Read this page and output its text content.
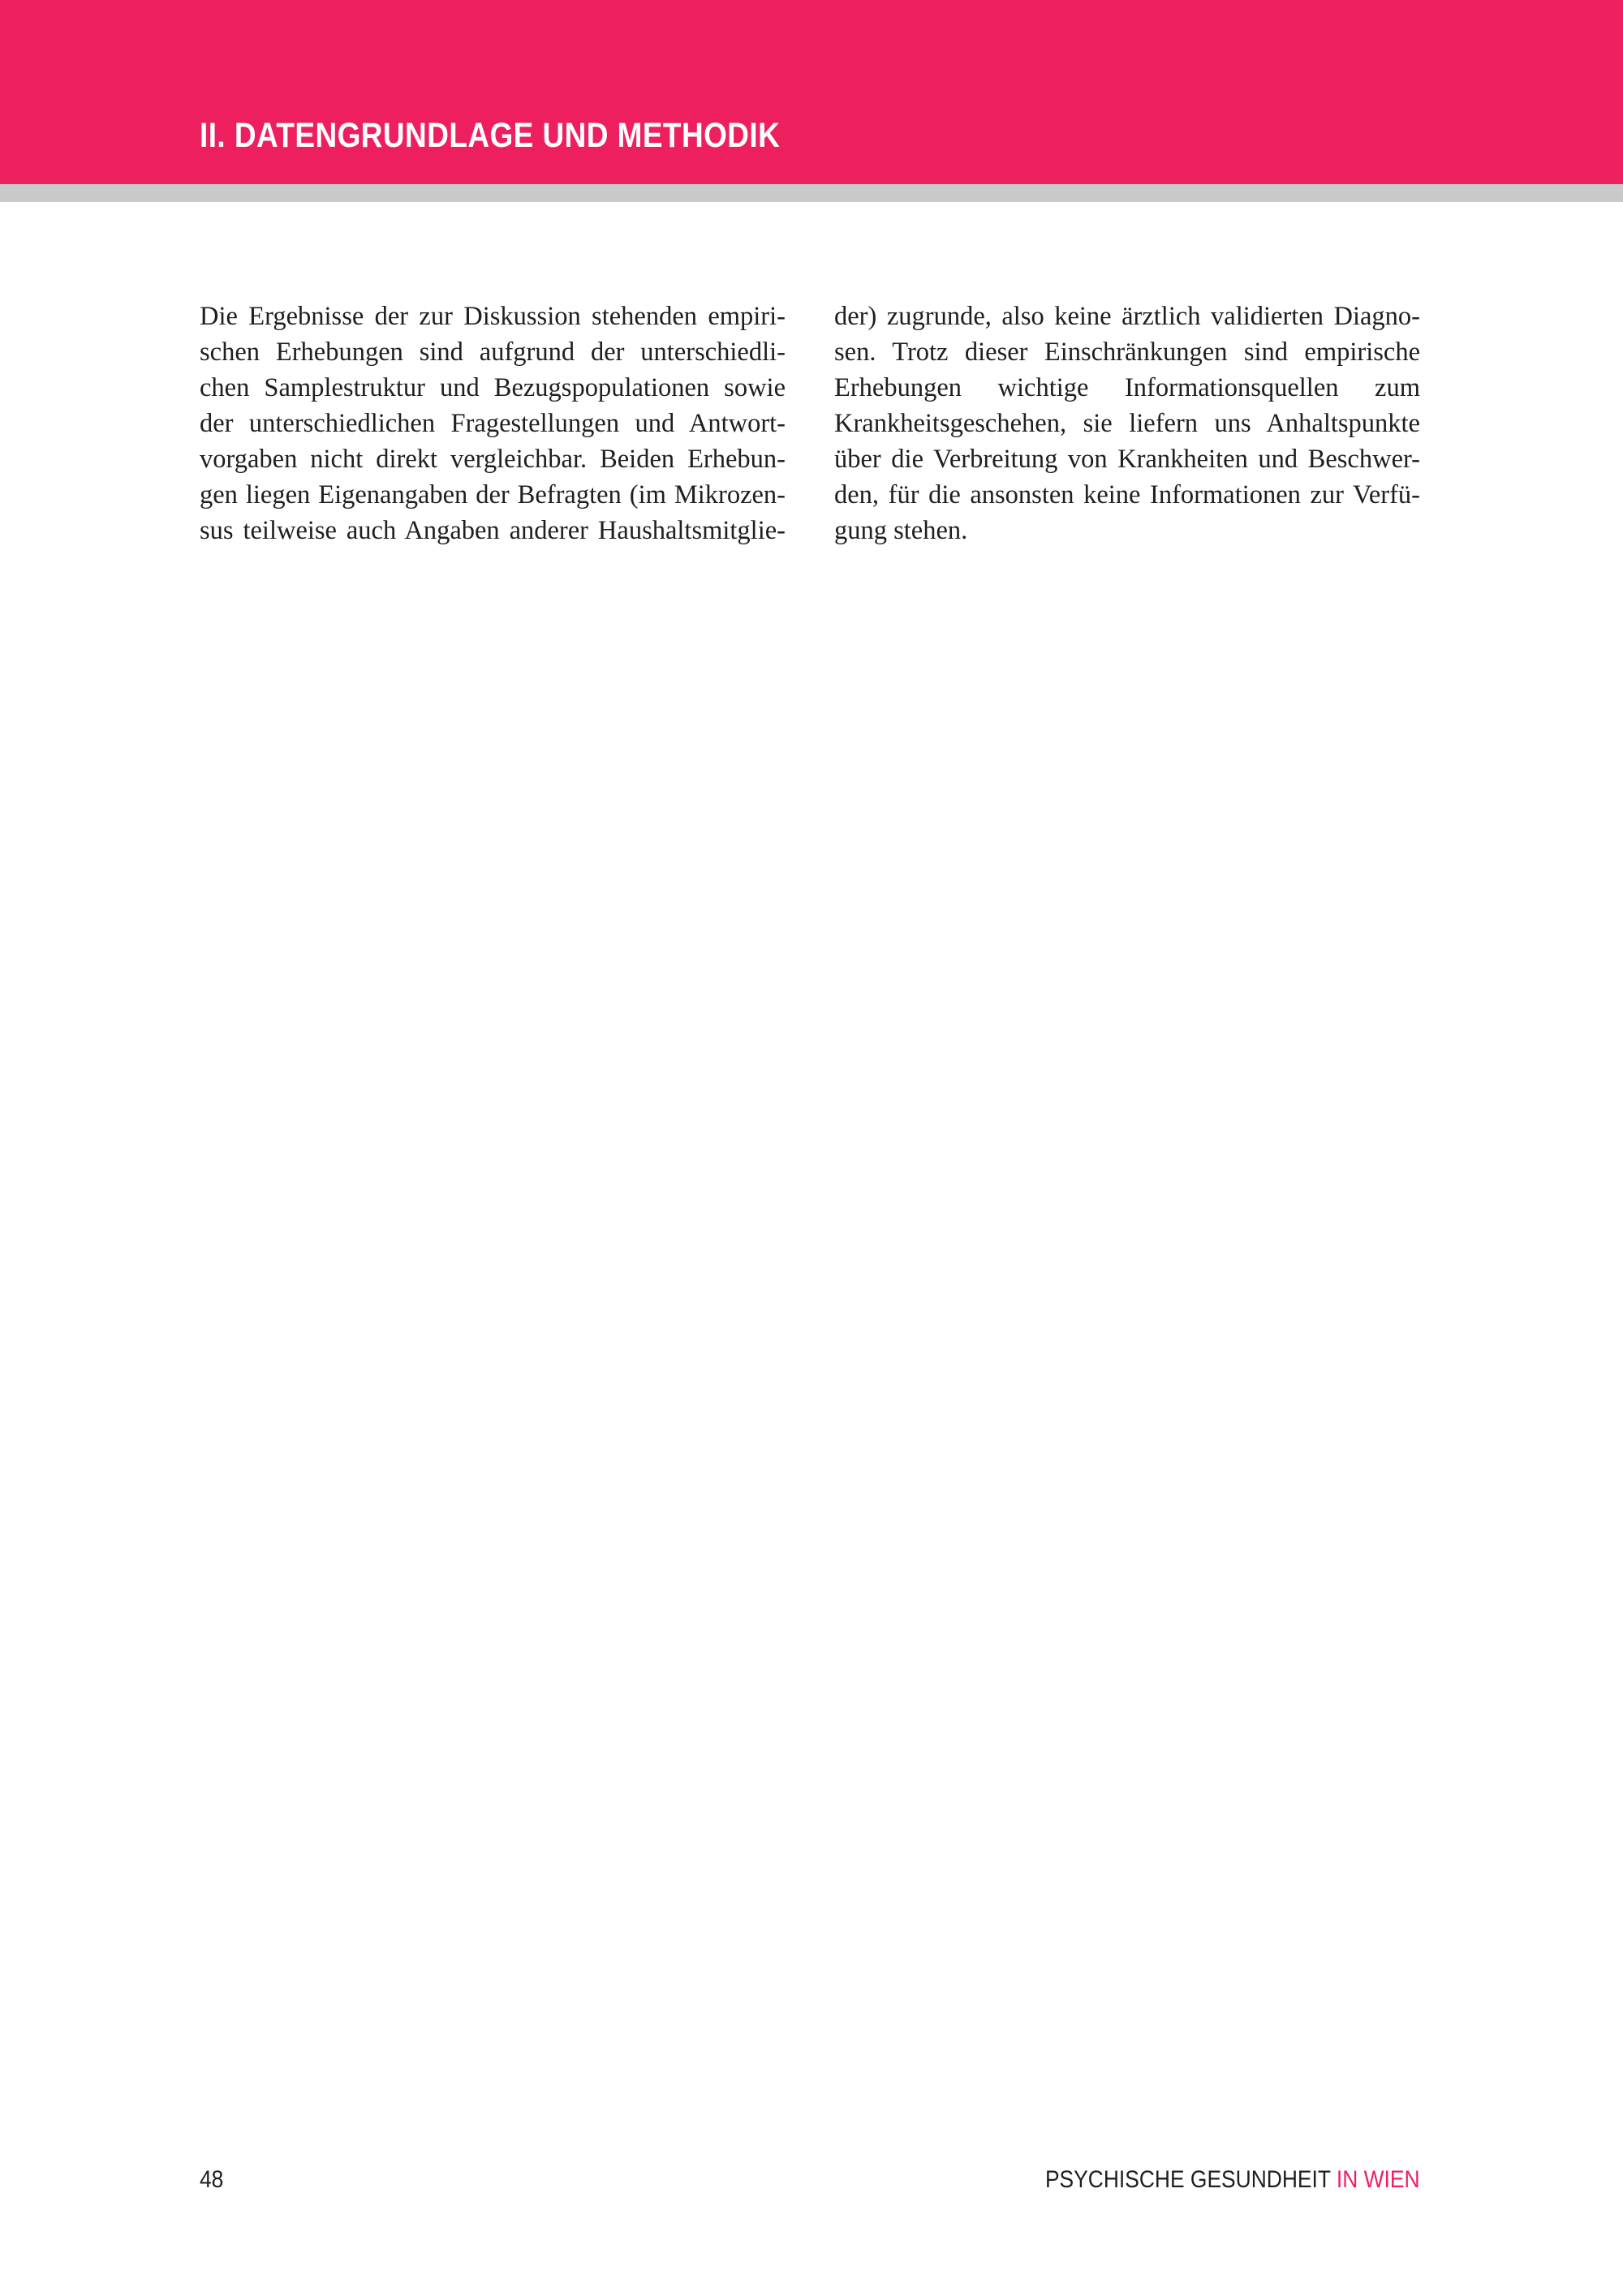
II. DATENGRUNDLAGE UND METHODIK
Die Ergebnisse der zur Diskussion stehenden empiri-
schen Erhebungen sind aufgrund der unterschiedli-
chen Samplestruktur und Bezugspopulationen sowie
der unterschiedlichen Fragestellungen und Antwort-
vorgaben nicht direkt vergleichbar. Beiden Erhebun-
gen liegen Eigenangaben der Befragten (im Mikrozen-
sus teilweise auch Angaben anderer Haushaltsmitglie-
der) zugrunde, also keine ärztlich validierten Diagno-
sen. Trotz dieser Einschränkungen sind empirische
Erhebungen wichtige Informationsquellen zum
Krankheitsgeschehen, sie liefern uns Anhaltspunkte
über die Verbreitung von Krankheiten und Beschwer-
den, für die ansonsten keine Informationen zur Verfü-
gung stehen.
48	PSYCHISCHE GESUNDHEIT IN WIEN
